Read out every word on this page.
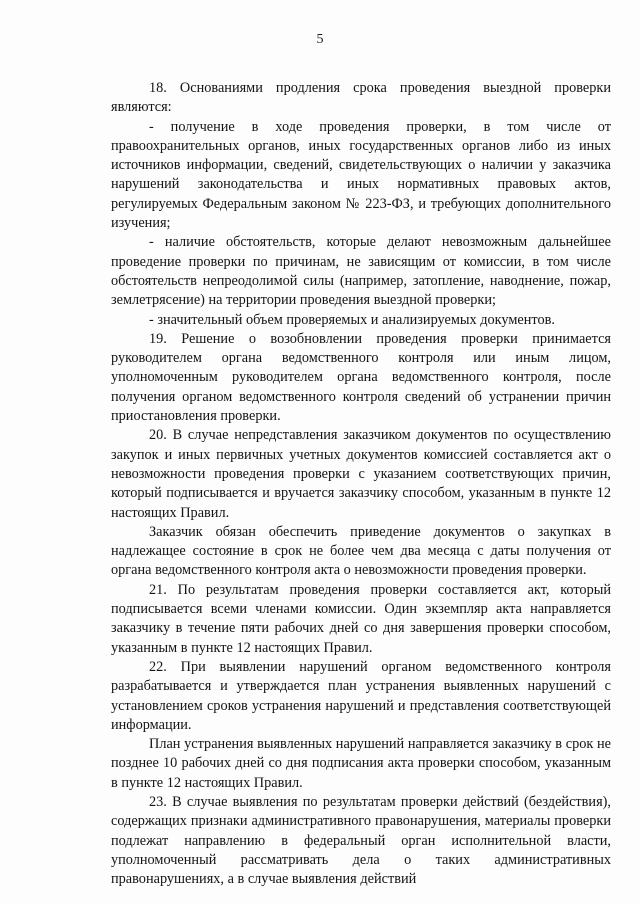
5

18. Основаниями продления срока проведения выездной проверки являются:

- получение в ходе проведения проверки, в том числе от правоохранительных органов, иных государственных органов либо из иных источников информации, сведений, свидетельствующих о наличии у заказчика нарушений законодательства и иных нормативных правовых актов, регулируемых Федеральным законом № 223-ФЗ, и требующих дополнительного изучения;

- наличие обстоятельств, которые делают невозможным дальнейшее проведение проверки по причинам, не зависящим от комиссии, в том числе обстоятельств непреодолимой силы (например, затопление, наводнение, пожар, землетрясение) на территории проведения выездной проверки;

- значительный объем проверяемых и анализируемых документов.

19. Решение о возобновлении проведения проверки принимается руководителем органа ведомственного контроля или иным лицом, уполномоченным руководителем органа ведомственного контроля, после получения органом ведомственного контроля сведений об устранении причин приостановления проверки.

20. В случае непредставления заказчиком документов по осуществлению закупок и иных первичных учетных документов комиссией составляется акт о невозможности проведения проверки с указанием соответствующих причин, который подписывается и вручается заказчику способом, указанным в пункте 12 настоящих Правил.

Заказчик обязан обеспечить приведение документов о закупках в надлежащее состояние в срок не более чем два месяца с даты получения от органа ведомственного контроля акта о невозможности проведения проверки.

21. По результатам проведения проверки составляется акт, который подписывается всеми членами комиссии. Один экземпляр акта направляется заказчику в течение пяти рабочих дней со дня завершения проверки способом, указанным в пункте 12 настоящих Правил.

22. При выявлении нарушений органом ведомственного контроля разрабатывается и утверждается план устранения выявленных нарушений с установлением сроков устранения нарушений и представления соответствующей информации.

План устранения выявленных нарушений направляется заказчику в срок не позднее 10 рабочих дней со дня подписания акта проверки способом, указанным в пункте 12 настоящих Правил.

23. В случае выявления по результатам проверки действий (бездействия), содержащих признаки административного правонарушения, материалы проверки подлежат направлению в федеральный орган исполнительной власти, уполномоченный рассматривать дела о таких административных правонарушениях, а в случае выявления действий
